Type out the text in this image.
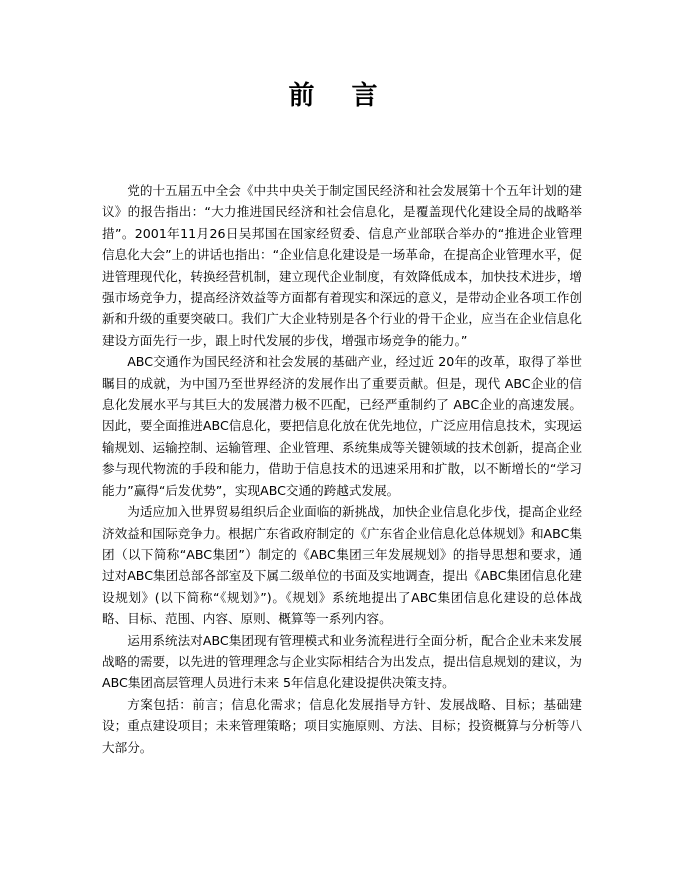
前 言

党的十五届五中全会《中共中央关于制定国民经济和社会发展第十个五年计划的建议》的报告指出：“大力推进国民经济和社会信息化，是覆盖现代化建设全局的战略举措”。2001年11月26日吴邦国在国家经贸委、信息产业部联合举办的“推进企业管理信息化大会”上的讲话也指出：“企业信息化建设是一场革命，在提高企业管理水平，促进管理现代化，转换经营机制，建立现代企业制度，有效降低成本，加快技术进步，增强市场竞争力，提高经济效益等方面都有着现实和深远的意义，是带动企业各项工作创新和升级的重要突破口。我们广大企业特别是各个行业的骨干企业，应当在企业信息化建设方面先行一步，跟上时代发展的步伐，增强市场竞争的能力。”

ABC交通作为国民经济和社会发展的基础产业，经过近 20年的改革，取得了举世瞩目的成就，为中国乃至世界经济的发展作出了重要贡献。但是，现代 ABC企业的信息化发展水平与其巨大的发展潜力极不匹配，已经严重制约了 ABC企业的高速发展。因此，要全面推进ABC信息化，要把信息化放在优先地位，广泛应用信息技术，实现运输规划、运输控制、运输管理、企业管理、系统集成等关键领域的技术创新，提高企业参与现代物流的手段和能力，借助于信息技术的迅速采用和扩散，以不断增长的“学习能力”赢得“后发优势”，实现ABC交通的跨越式发展。

为适应加入世界贸易组织后企业面临的新挑战，加快企业信息化步伐，提高企业经济效益和国际竞争力。根据广东省政府制定的《广东省企业信息化总体规划》和ABC集团（以下简称“ABC集团”）制定的《ABC集团三年发展规划》的指导思想和要求，通过对ABC集团总部各部室及下属二级单位的书面及实地调查，提出《ABC集团信息化建设规划》(以下简称“《规划》”)。《规划》系统地提出了ABC集团信息化建设的总体战略、目标、范围、内容、原则、概算等一系列内容。

运用系统法对ABC集团现有管理模式和业务流程进行全面分析，配合企业未来发展战略的需要，以先进的管理理念与企业实际相结合为出发点，提出信息规划的建议，为ABC集团高层管理人员进行未来 5年信息化建设提供决策支持。

方案包括：前言；信息化需求；信息化发展指导方针、发展战略、目标；基础建设；重点建设项目；未来管理策略；项目实施原则、方法、目标；投资概算与分析等八大部分。
